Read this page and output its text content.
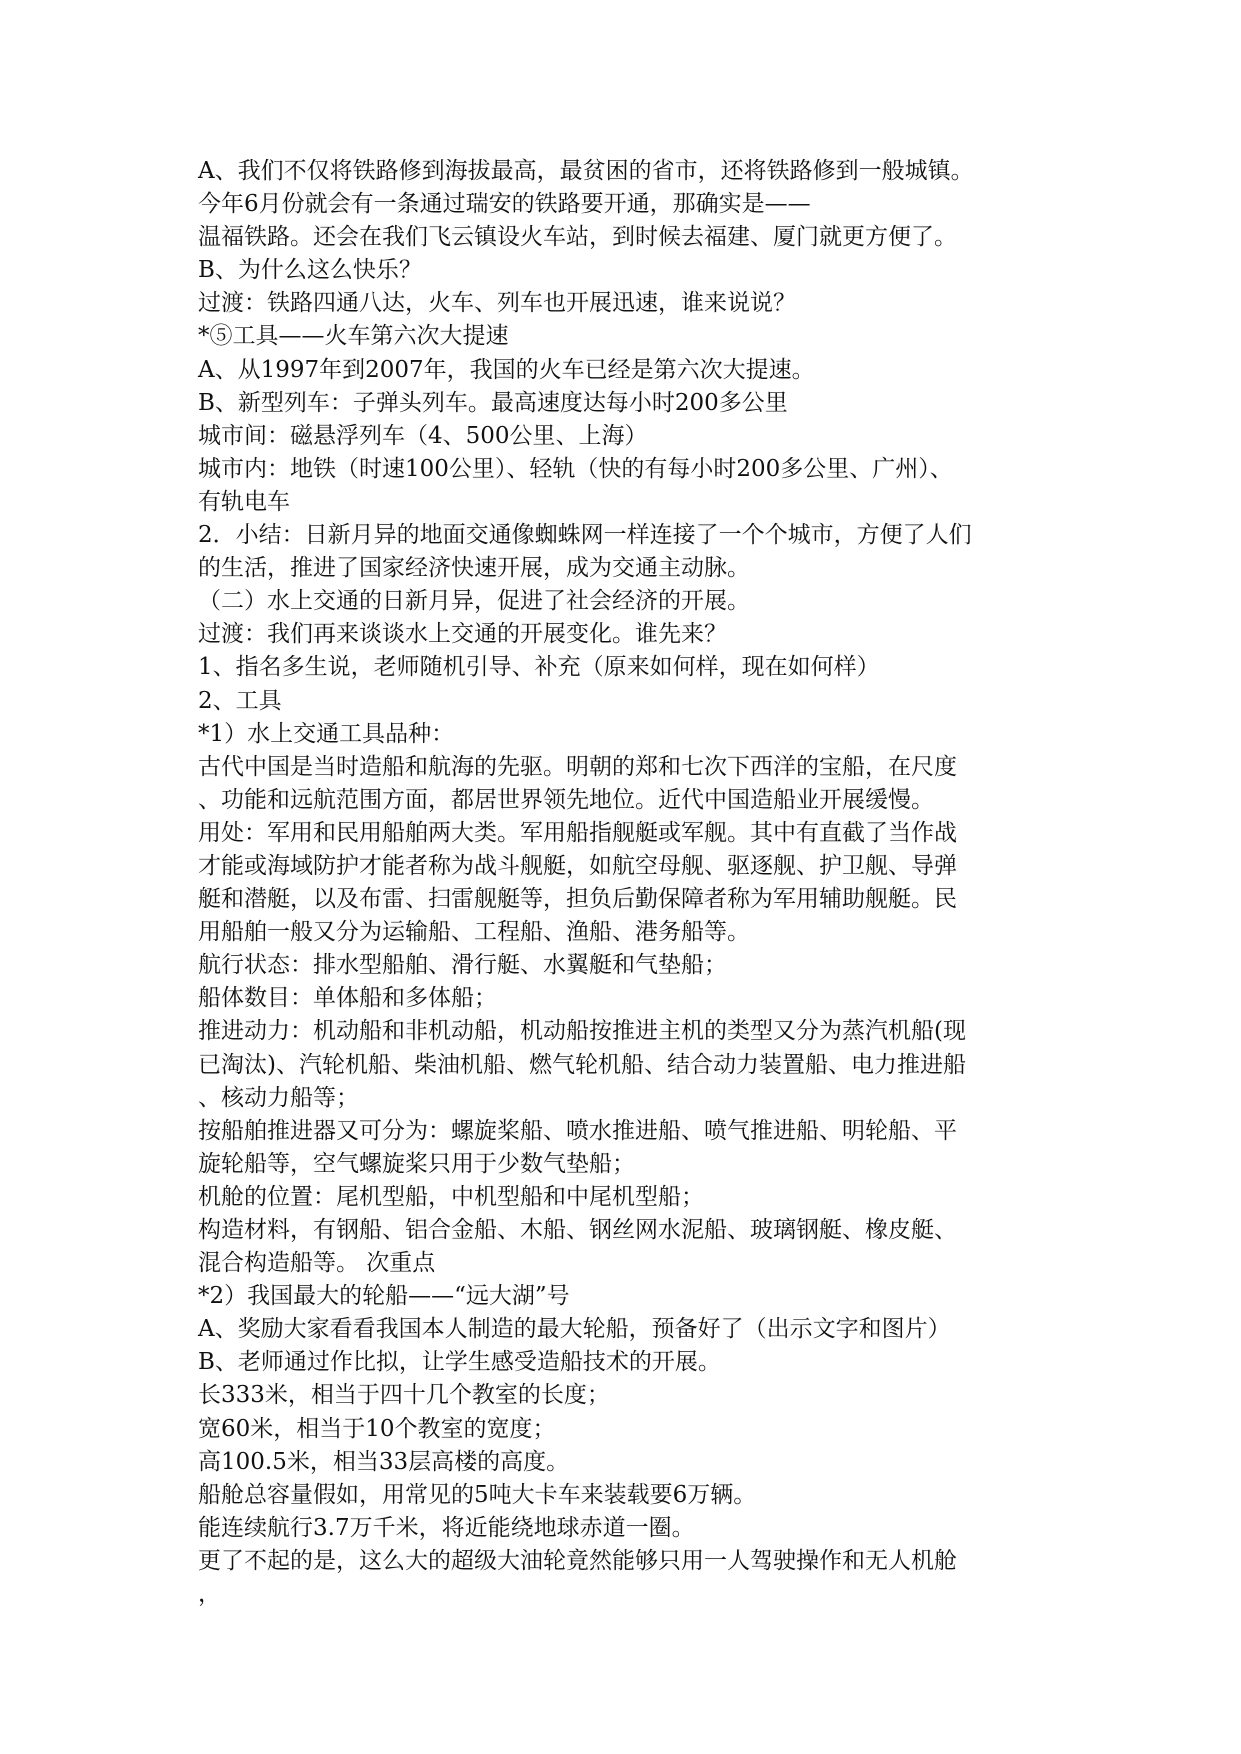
A、我们不仅将铁路修到海拔最高，最贫困的省市，还将铁路修到一般城镇。
今年6月份就会有一条通过瑞安的铁路要开通，那确实是——
温福铁路。还会在我们飞云镇设火车站，到时候去福建、厦门就更方便了。
B、为什么这么快乐？
过渡：铁路四通八达，火车、列车也开展迅速，谁来说说？
*⑤工具——火车第六次大提速
A、从1997年到2007年，我国的火车已经是第六次大提速。
B、新型列车：子弹头列车。最高速度达每小时200多公里
城市间：磁悬浮列车（4、500公里、上海）
城市内：地铁（时速100公里）、轻轨（快的有每小时200多公里、广州）、
有轨电车
2．小结：日新月异的地面交通像蜘蛛网一样连接了一个个城市，方便了人们
的生活，推进了国家经济快速开展，成为交通主动脉。
（二）水上交通的日新月异，促进了社会经济的开展。
过渡：我们再来谈谈水上交通的开展变化。谁先来？
1、指名多生说，老师随机引导、补充（原来如何样，现在如何样）
2、工具
*1）水上交通工具品种：
古代中国是当时造船和航海的先驱。明朝的郑和七次下西洋的宝船，在尺度
、功能和远航范围方面，都居世界领先地位。近代中国造船业开展缓慢。
用处：军用和民用船舶两大类。军用船指舰艇或军舰。其中有直截了当作战
才能或海域防护才能者称为战斗舰艇，如航空母舰、驱逐舰、护卫舰、导弹
艇和潜艇，以及布雷、扫雷舰艇等，担负后勤保障者称为军用辅助舰艇。民
用船舶一般又分为运输船、工程船、渔船、港务船等。
航行状态：排水型船舶、滑行艇、水翼艇和气垫船；
船体数目：单体船和多体船；
推进动力：机动船和非机动船，机动船按推进主机的类型又分为蒸汽机船(现
已淘汰)、汽轮机船、柴油机船、燃气轮机船、结合动力装置船、电力推进船
、核动力船等；
按船舶推进器又可分为：螺旋桨船、喷水推进船、喷气推进船、明轮船、平
旋轮船等，空气螺旋桨只用于少数气垫船；
机舱的位置：尾机型船，中机型船和中尾机型船；
构造材料，有钢船、铝合金船、木船、钢丝网水泥船、玻璃钢艇、橡皮艇、
混合构造船等。 次重点
*2）我国最大的轮船——“远大湖”号
A、奖励大家看看我国本人制造的最大轮船，预备好了（出示文字和图片）
B、老师通过作比拟，让学生感受造船技术的开展。
长333米，相当于四十几个教室的长度；
宽60米，相当于10个教室的宽度；
高100.5米，相当33层高楼的高度。
船舱总容量假如，用常见的5吨大卡车来装载要6万辆。
能连续航行3.7万千米，将近能绕地球赤道一圈。
更了不起的是，这么大的超级大油轮竟然能够只用一人驾驶操作和无人机舱
，
